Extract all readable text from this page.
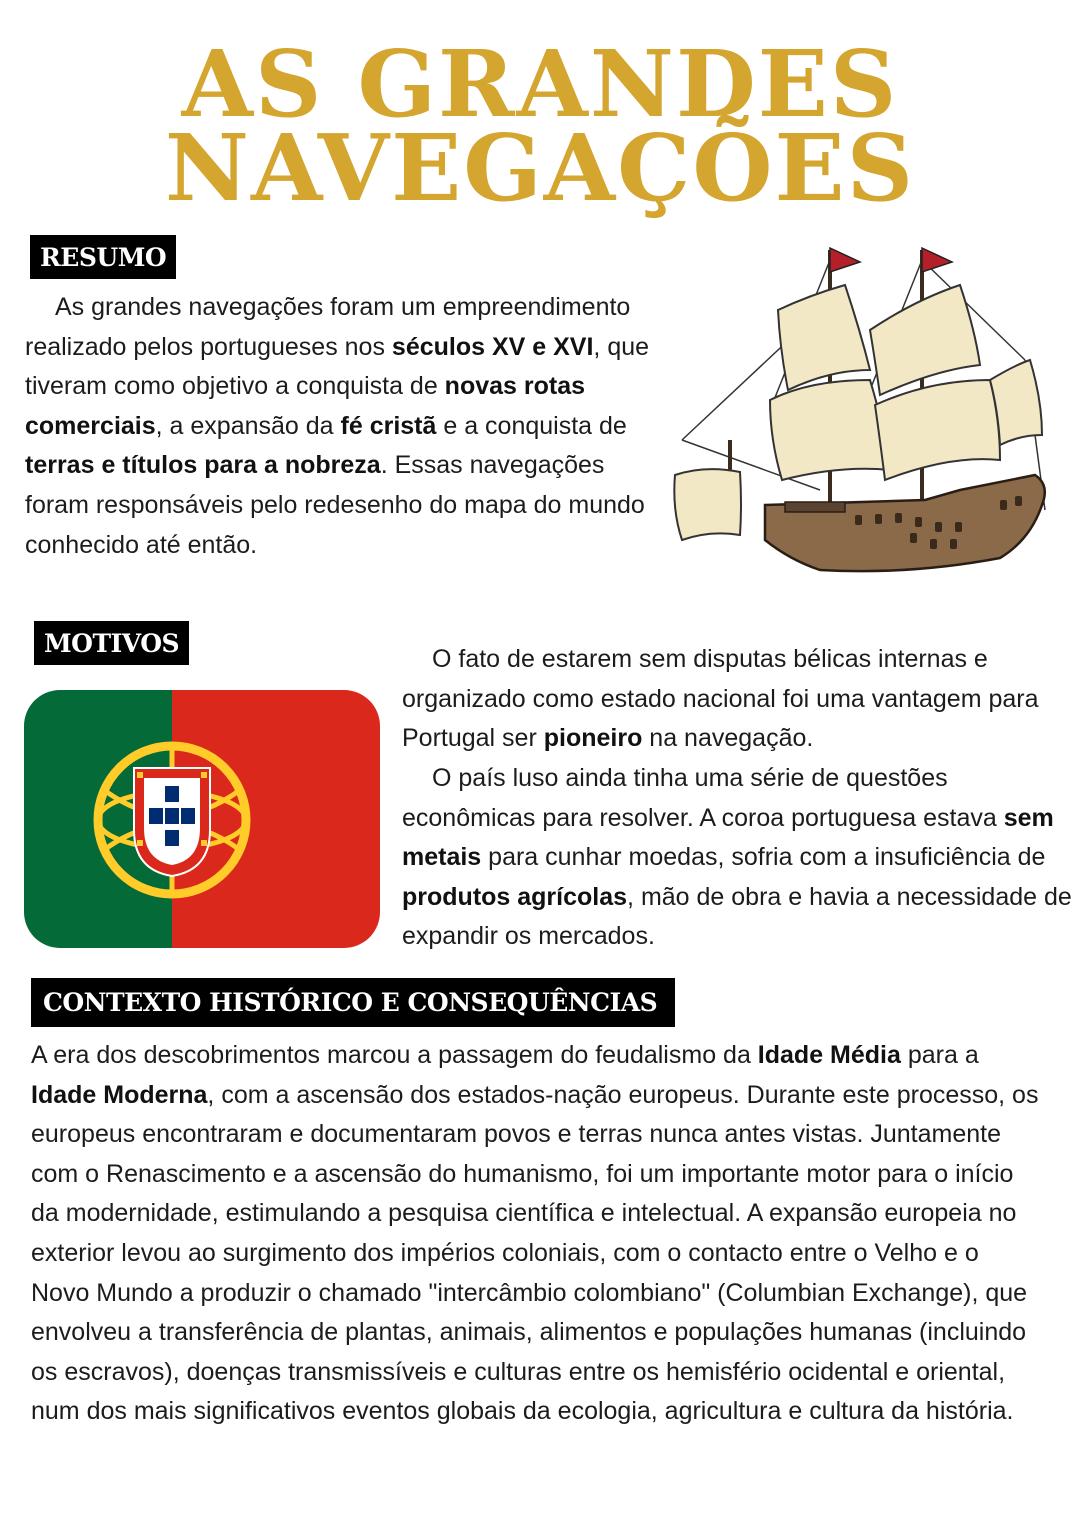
AS GRANDES
NAVEGAÇÕES
RESUMO

As grandes navegações foram um empreendimento realizado pelos portugueses nos séculos XV e XVI, que tiveram como objetivo a conquista de novas rotas comerciais, a expansão da fé cristã e a conquista de terras e títulos para a nobreza. Essas navegações foram responsáveis pelo redesenho do mapa do mundo conhecido até então.

MOTIVOS

O fato de estarem sem disputas bélicas internas e organizado como estado nacional foi uma vantagem para Portugal ser pioneiro na navegação.

O país luso ainda tinha uma série de questões econômicas para resolver. A coroa portuguesa estava sem metais para cunhar moedas, sofria com a insuficiência de produtos agrícolas, mão de obra e havia a necessidade de expandir os mercados.

CONTEXTO HISTÓRICO E CONSEQUÊNCIAS

A era dos descobrimentos marcou a passagem do feudalismo da Idade Média para a Idade Moderna, com a ascensão dos estados-nação europeus. Durante este processo, os europeus encontraram e documentaram povos e terras nunca antes vistas. Juntamente com o Renascimento e a ascensão do humanismo, foi um importante motor para o início da modernidade, estimulando a pesquisa científica e intelectual. A expansão europeia no exterior levou ao surgimento dos impérios coloniais, com o contacto entre o Velho e o Novo Mundo a produzir o chamado "intercâmbio colombiano" (Columbian Exchange), que envolveu a transferência de plantas, animais, alimentos e populações humanas (incluindo os escravos), doenças transmissíveis e culturas entre os hemisfério ocidental e oriental, num dos mais significativos eventos globais da ecologia, agricultura e cultura da história.
